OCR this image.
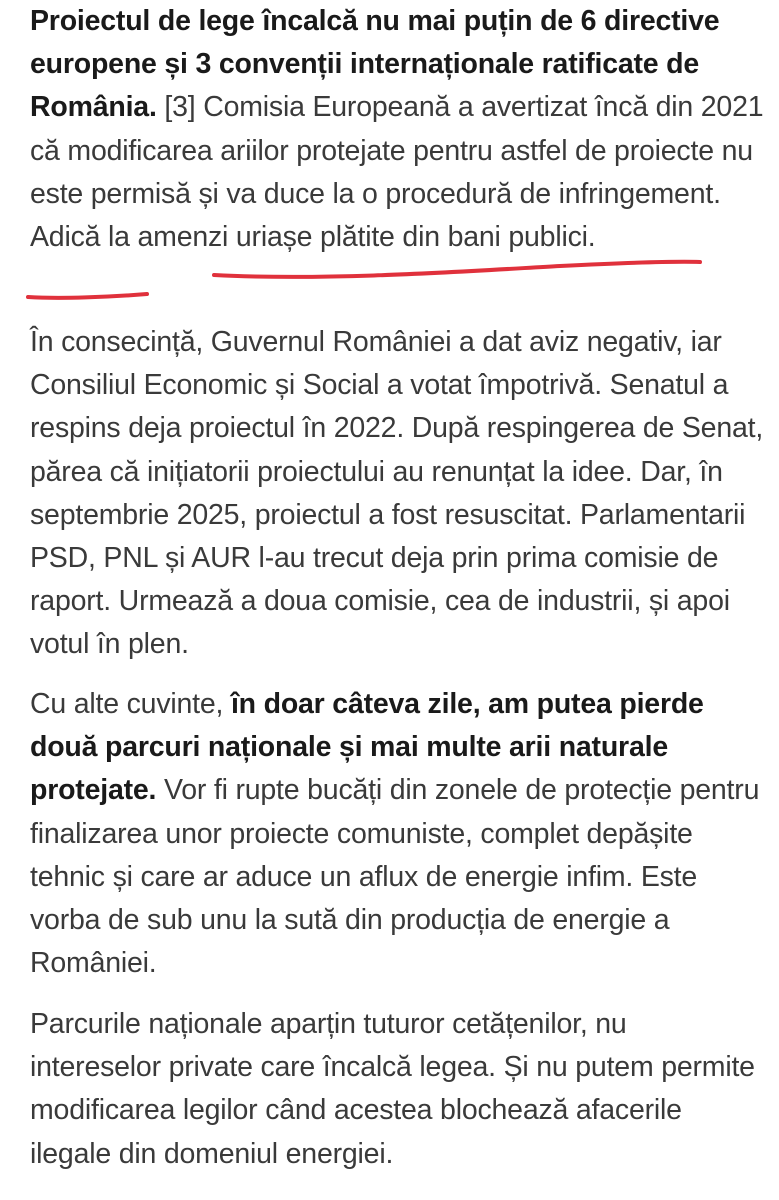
Proiectul de lege încalcă nu mai puțin de 6 directive europene și 3 convenții internaționale ratificate de România. [3] Comisia Europeană a avertizat încă din 2021 că modificarea ariilor protejate pentru astfel de proiecte nu este permisă și va duce la o procedură de infringement. Adică la amenzi uriașe plătite din bani publici.

În consecință, Guvernul României a dat aviz negativ, iar Consiliul Economic și Social a votat împotrivă. Senatul a respins deja proiectul în 2022. După respingerea de Senat, părea că inițiatorii proiectului au renunțat la idee. Dar, în septembrie 2025, proiectul a fost resuscitat. Parlamentarii PSD, PNL și AUR l-au trecut deja prin prima comisie de raport. Urmează a doua comisie, cea de industrii, și apoi votul în plen.

Cu alte cuvinte, în doar câteva zile, am putea pierde două parcuri naționale și mai multe arii naturale protejate. Vor fi rupte bucăți din zonele de protecție pentru finalizarea unor proiecte comuniste, complet depășite tehnic și care ar aduce un aflux de energie infim. Este vorba de sub unu la sută din producția de energie a României.

Parcurile naționale aparțin tuturor cetățenilor, nu intereselor private care încalcă legea. Și nu putem permite modificarea legilor când acestea blochează afacerile ilegale din domeniul energiei.
